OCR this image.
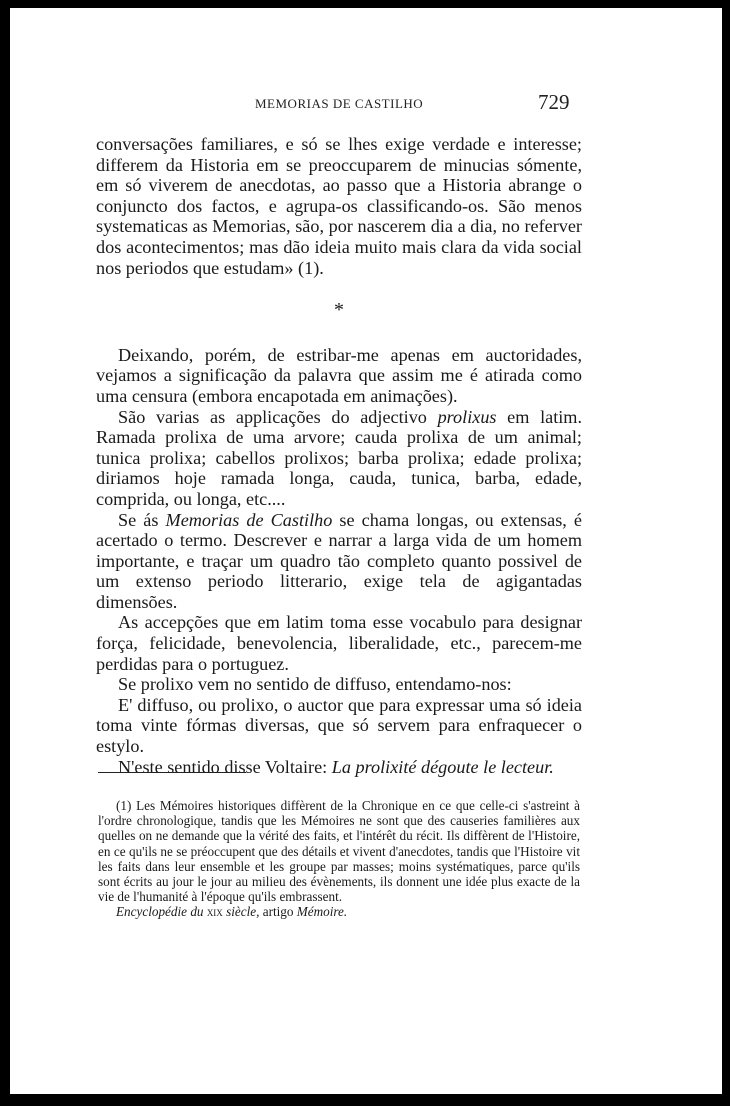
MEMORIAS DE CASTILHO	729

conversações familiares, e só se lhes exige verdade e interesse; differem da Historia em se preoccuparem de minucias sómente, em só viverem de anecdotas, ao passo que a Historia abrange o conjuncto dos factos, e agrupa-os classificando-os. São menos systematicas as Memorias, são, por nascerem dia a dia, no referver dos acontecimentos; mas dão ideia muito mais clara da vida social nos periodos que estudam» (1).

*

Deixando, porém, de estribar-me apenas em auctoridades, vejamos a significação da palavra que assim me é atirada como uma censura (embora encapotada em animações).

São varias as applicações do adjectivo prolixus em latim. Ramada prolixa de uma arvore; cauda prolixa de um animal; tunica prolixa; cabellos prolixos; barba prolixa; edade prolixa; diriamos hoje ramada longa, cauda, tunica, barba, edade, comprida, ou longa, etc....

Se ás Memorias de Castilho se chama longas, ou extensas, é acertado o termo. Descrever e narrar a larga vida de um homem importante, e traçar um quadro tão completo quanto possivel de um extenso periodo litterario, exige tela de agigantadas dimensões.

As accepções que em latim toma esse vocabulo para designar força, felicidade, benevolencia, liberalidade, etc., parecem-me perdidas para o portuguez.

Se prolixo vem no sentido de diffuso, entendamo-nos:

E' diffuso, ou prolixo, o auctor que para expressar uma só ideia toma vinte fórmas diversas, que só servem para enfraquecer o estylo.

N'este sentido disse Voltaire: La prolixité dégoute le lecteur.

(1) Les Mémoires historiques diffèrent de la Chronique en ce que celle-ci s'astreint à l'ordre chronologique, tandis que les Mémoires ne sont que des causeries familières aux quelles on ne demande que la vérité des faits, et l'intérêt du récit. Ils diffèrent de l'Histoire, en ce qu'ils ne se préoccupent que des détails et vivent d'anecdotes, tandis que l'Histoire vit les faits dans leur ensemble et les groupe par masses; moins systématiques, parce qu'ils sont écrits au jour le jour au milieu des évènements, ils donnent une idée plus exacte de la vie de l'humanité à l'époque qu'ils embrassent.

Encyclopédie du xix siècle, artigo Mémoire.
